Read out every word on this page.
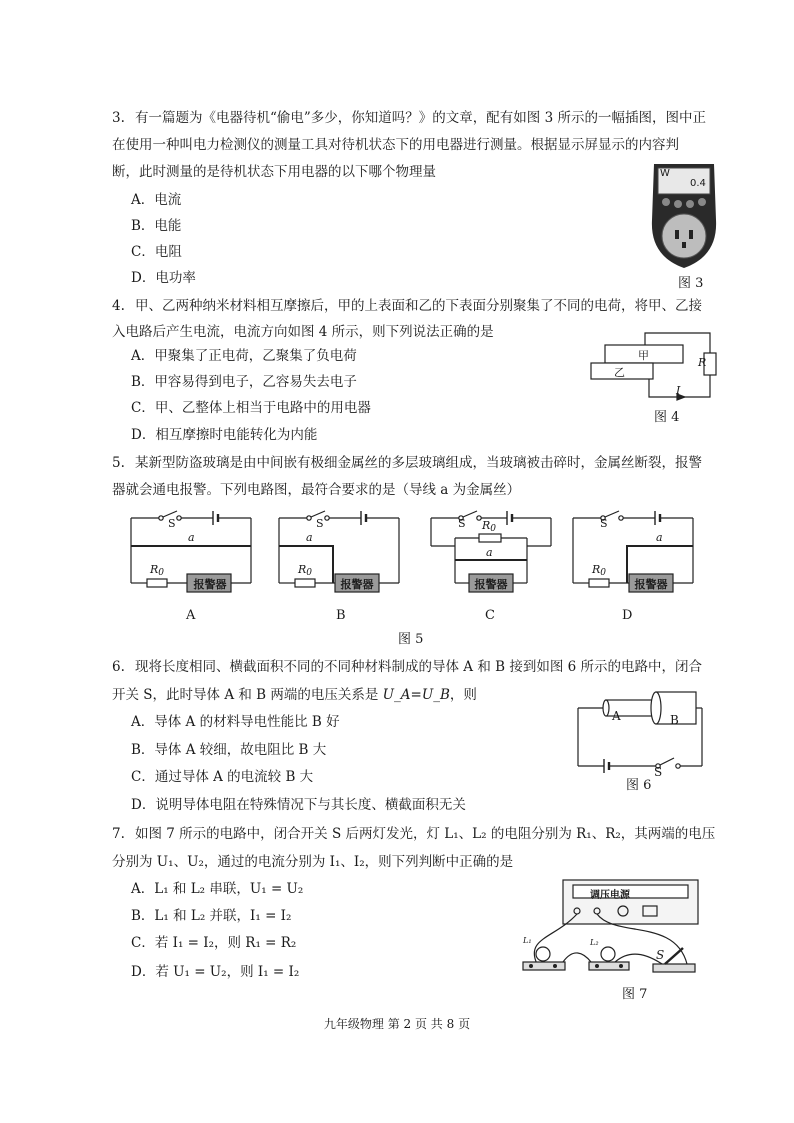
3. 有一篇题为《电器待机“偷电”多少，你知道吗？》的文章，配有如图 3 所示的一幅插图，图中正
在使用一种叫电力检测仪的测量工具对待机状态下的用电器进行测量。根据显示屏显示的内容判
断，此时测量的是待机状态下用电器的以下哪个物理量
A．电流
B．电能
C．电阻
D．电功率
W
0.4
图 3
4. 甲、乙两种纳米材料相互摩擦后，甲的上表面和乙的下表面分别聚集了不同的电荷，将甲、乙接
入电路后产生电流，电流方向如图 4 所示，则下列说法正确的是
A．甲聚集了正电荷，乙聚集了负电荷
B．甲容易得到电子，乙容易失去电子
C．甲、乙整体上相当于电路中的用电器
D．相互摩擦时电能转化为内能
甲
乙
R
I
图 4
5. 某新型防盗玻璃是由中间嵌有极细金属丝的多层玻璃组成，当玻璃被击碎时，金属丝断裂，报警
器就会通电报警。下列电路图，最符合要求的是（导线 a 为金属丝）
S
a
$R_0$
报警器
S
a
$R_0$
报警器
S $R_0$
a
报警器
S
a
$R_0$
报警器
A	B	C	D
图 5
6. 现将长度相同、横截面积不同的不同种材料制成的导体 A 和 B 接到如图 6 所示的电路中，闭合
开关 S，此时导体 A 和 B 两端的电压关系是 U_A=U_B，则
A．导体 A 的材料导电性能比 B 好
B．导体 A 较细，故电阻比 B 大
C．通过导体 A 的电流较 B 大
D．说明导体电阻在特殊情况下与其长度、横截面积无关
A	B
S
图 6
7. 如图 7 所示的电路中，闭合开关 S 后两灯发光，灯 L₁、L₂ 的电阻分别为 R₁、R₂，其两端的电压
分别为 U₁、U₂，通过的电流分别为 I₁、I₂，则下列判断中正确的是
A．L₁ 和 L₂ 串联，U₁ = U₂
B．L₁ 和 L₂ 并联，I₁ = I₂
C．若 I₁ = I₂，则 R₁ = R₂
D．若 U₁ = U₂，则 I₁ = I₂
调压电源
L₁	L₂
S
图 7
九年级物理 第 2 页 共 8 页
